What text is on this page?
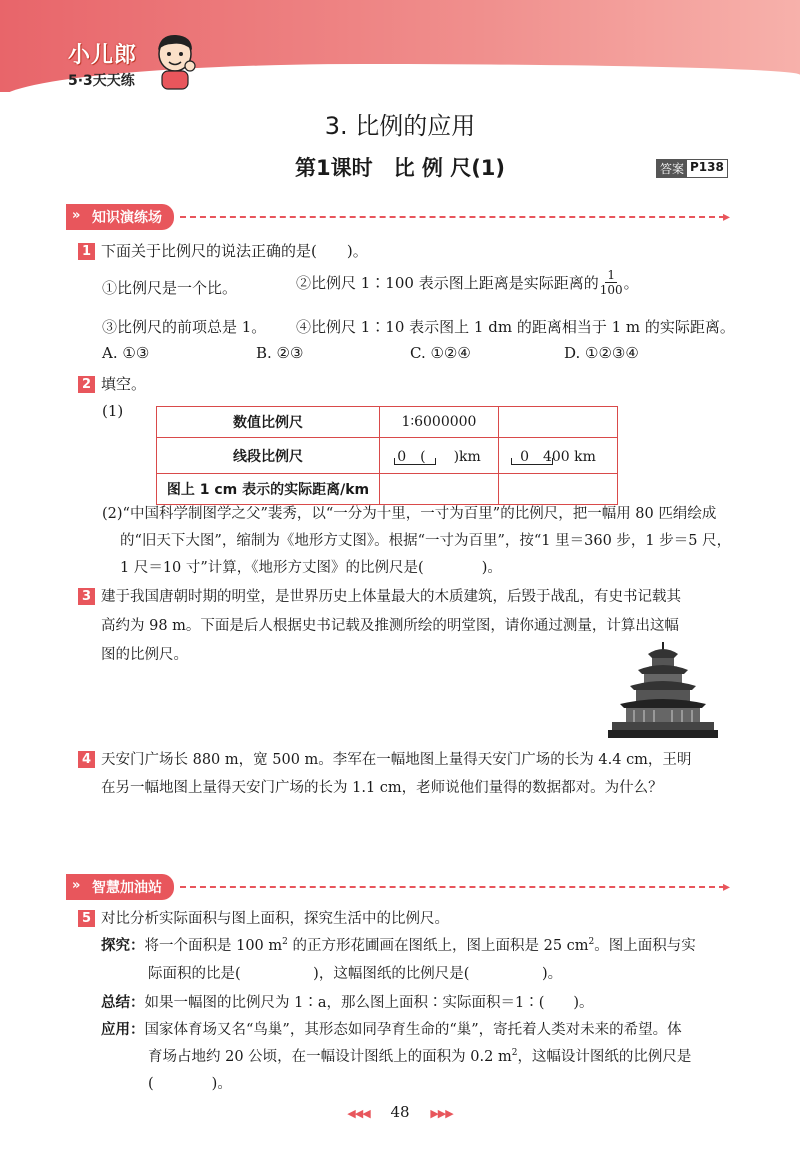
小儿郎
5·3天天练
3. 比例的应用
第1课时　比 例 尺(1)	答案 P138
» 知识演练场	▸
1 下面关于比例尺的说法正确的是(　　)。
①比例尺是一个比。	②比例尺 1∶100 表示图上距离是实际距离的 $\frac{1}{100}$ 。
③比例尺的前项总是 1。 ④比例尺 1∶10 表示图上 1 dm 的距离相当于 1 m 的实际距离。
A. ①③	B. ②③	C. ①②④	D. ①②③④
2 填空。
(1)
数值比例尺	1∶6000000	
线段比例尺	0　(　　)km	0　400 km

图上 1 cm 表示的实际距离/km		
(2)“中国科学制图学之父”裴秀，以“一分为十里，一寸为百里”的比例尺，把一幅用 80 匹绢绘成
的“旧天下大图”，缩制为《地形方丈图》。根据“一寸为百里”，按“1 里＝360 步，1 步＝5 尺，
1 尺＝10 寸”计算，《地形方丈图》的比例尺是(　　　　)。
3 建于我国唐朝时期的明堂，是世界历史上体量最大的木质建筑，后毁于战乱，有史书记载其
高约为 98 m。下面是后人根据史书记载及推测所绘的明堂图，请你通过测量，计算出这幅
图的比例尺。
4 天安门广场长 880 m，宽 500 m。李军在一幅地图上量得天安门广场的长为 4.4 cm，王明
在另一幅地图上量得天安门广场的长为 1.1 cm，老师说他们量得的数据都对。为什么？
» 智慧加油站	▸
5 对比分析实际面积与图上面积，探究生活中的比例尺。
探究：将一个面积是 100 $m^2$ 的正方形花圃画在图纸上，图上面积是 25 $cm^2$。图上面积与实
际面积的比是(　　　　　)，这幅图纸的比例尺是(　　　　　)。
总结：如果一幅图的比例尺为 1∶a，那么图上面积∶实际面积＝1∶(　　)。
应用：国家体育场又名“鸟巢”，其形态如同孕育生命的“巢”，寄托着人类对未来的希望。体
育场占地约 20 公顷，在一幅设计图纸上的面积为 0.2 $m^2$，这幅设计图纸的比例尺是
(　　　　)。
◀◀◀ 48 ▶▶▶
